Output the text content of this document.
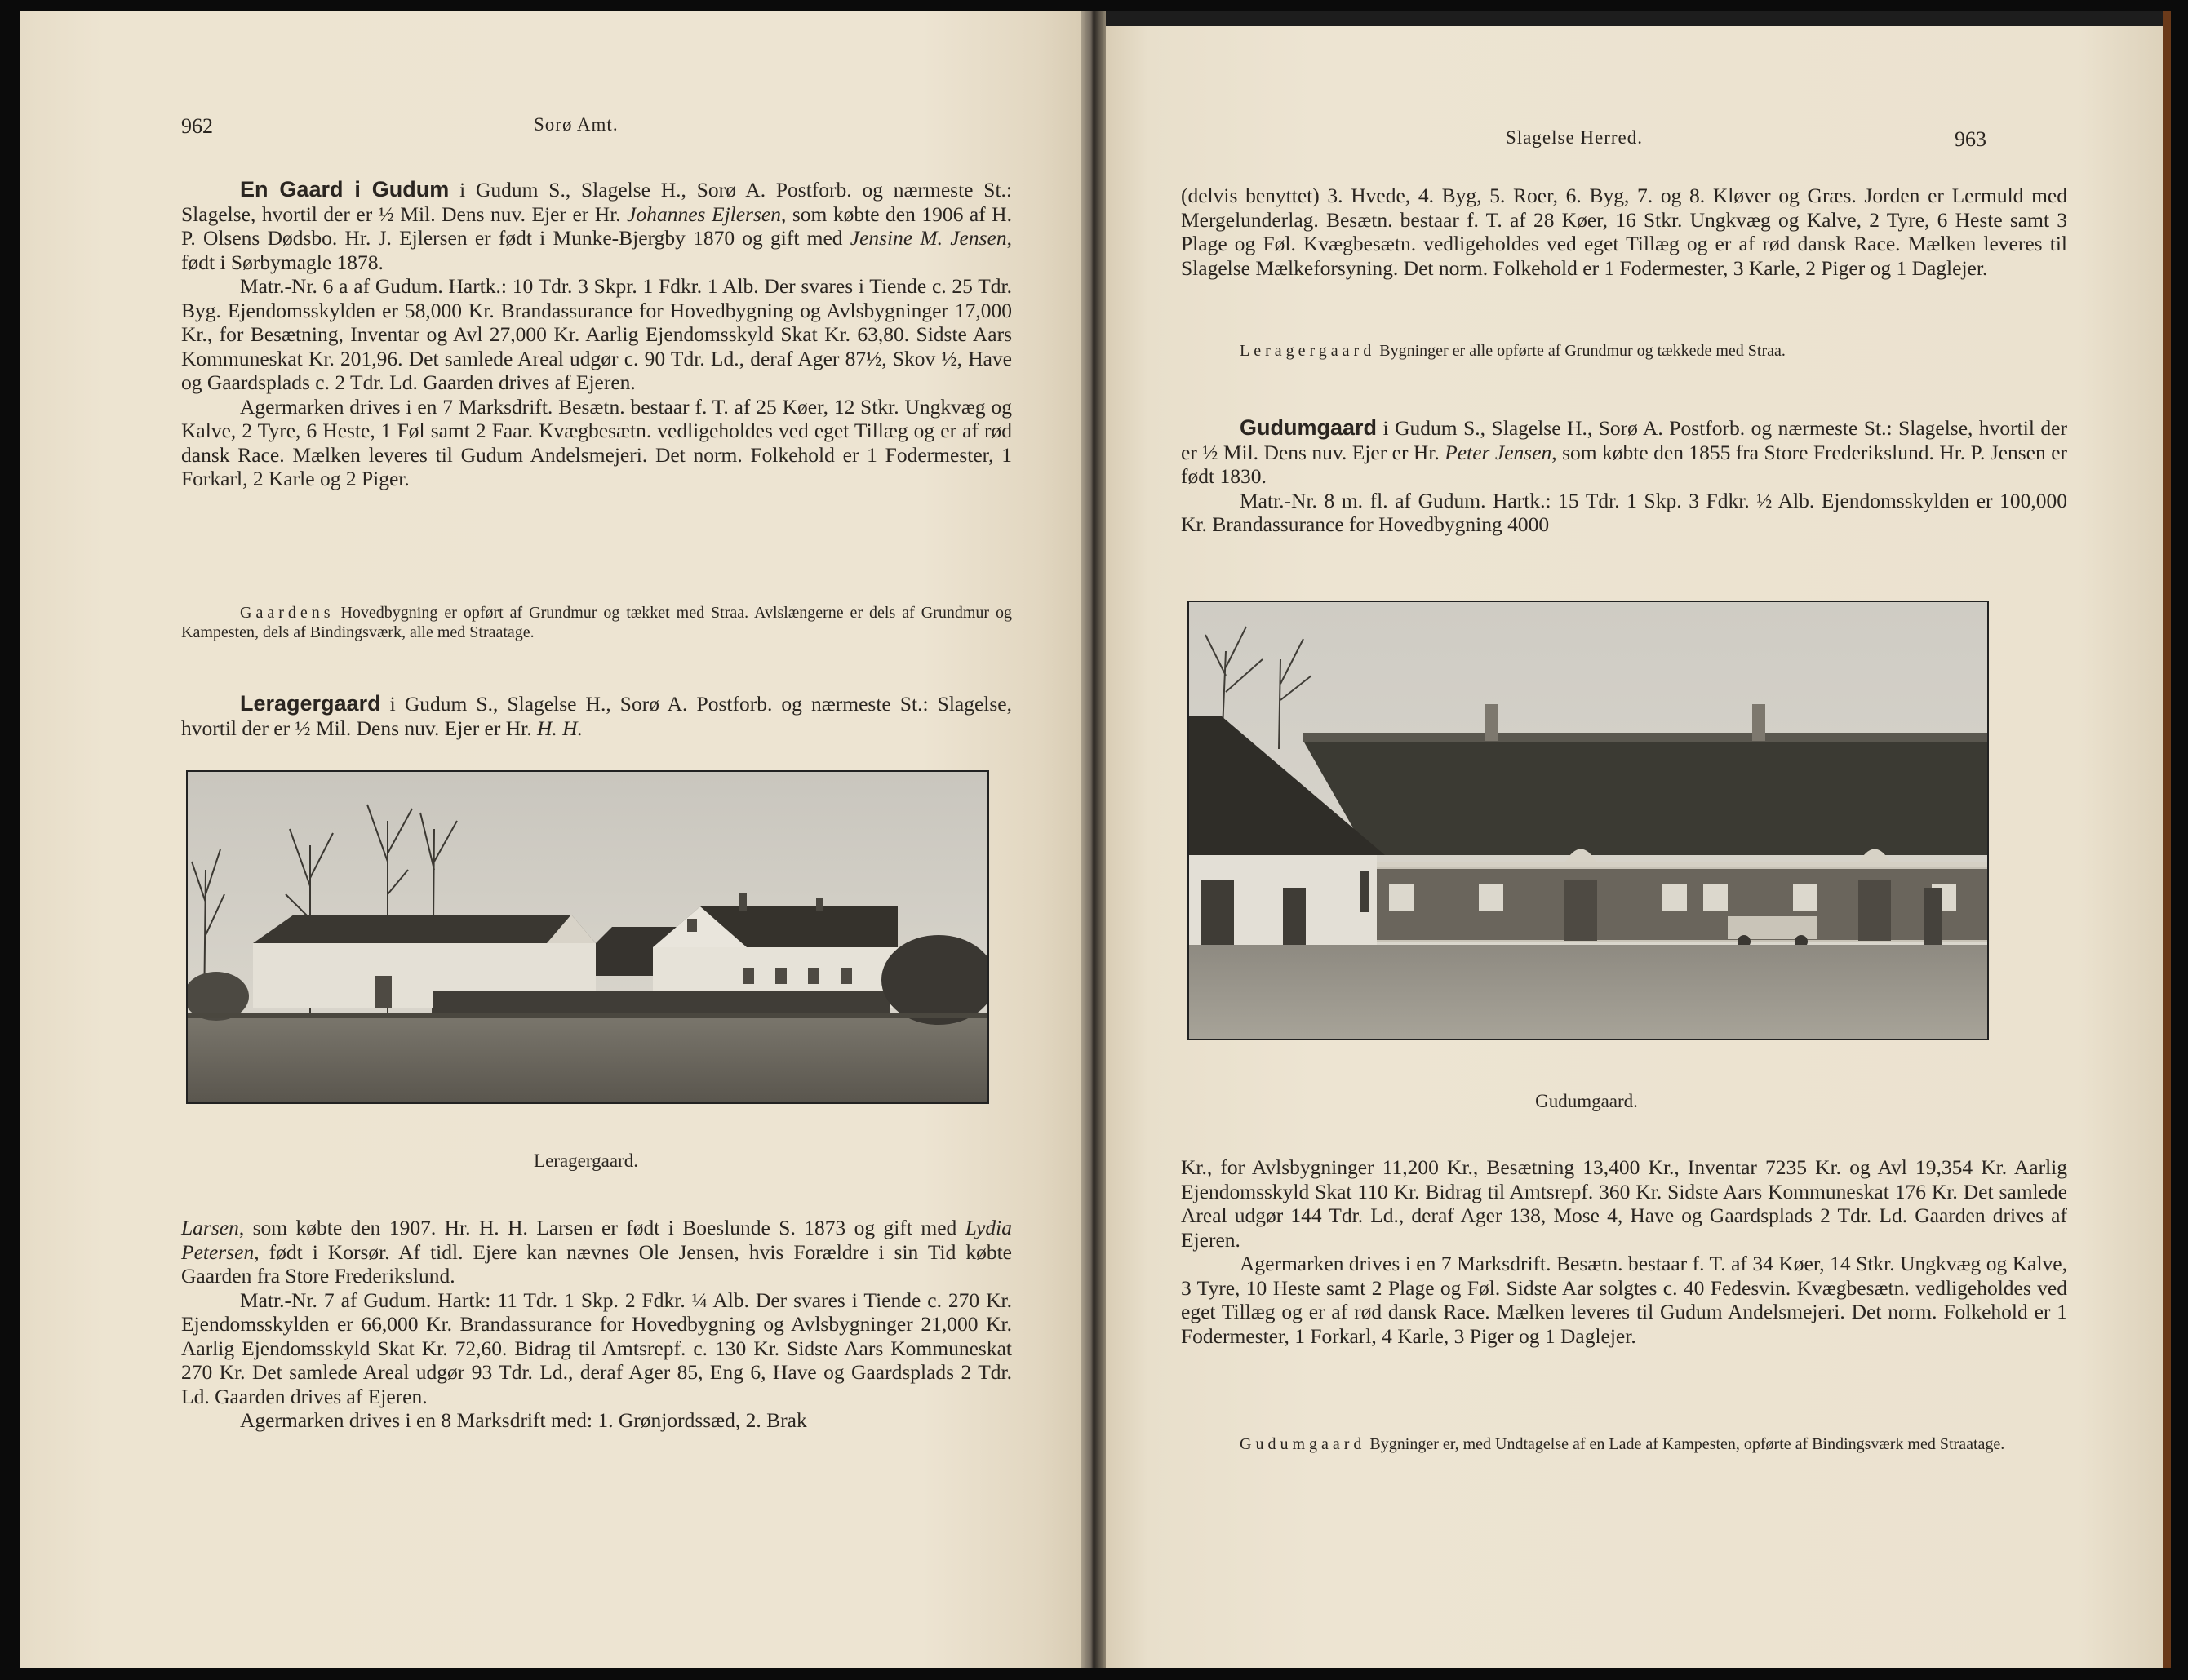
962	Sorø Amt.

En Gaard i Gudum i Gudum S., Slagelse H., Sorø A. Postforb. og nærmeste St.: Slagelse, hvortil der er ½ Mil. Dens nuv. Ejer er Hr. Johannes Ejlersen, som købte den 1906 af H. P. Olsens Dødsbo. Hr. J. Ejlersen er født i Munke-Bjergby 1870 og gift med Jensine M. Jensen, født i Sørbymagle 1878.

Matr.-Nr. 6 a af Gudum. Hartk.: 10 Tdr. 3 Skpr. 1 Fdkr. 1 Alb. Der svares i Tiende c. 25 Tdr. Byg. Ejendomsskylden er 58,000 Kr. Brandassurance for Hovedbygning og Avlsbygninger 17,000 Kr., for Besætning, Inventar og Avl 27,000 Kr. Aarlig Ejendomsskyld Skat Kr. 63,80. Sidste Aars Kommuneskat Kr. 201,96. Det samlede Areal udgør c. 90 Tdr. Ld., deraf Ager 87½, Skov ½, Have og Gaardsplads c. 2 Tdr. Ld. Gaarden drives af Ejeren.

Agermarken drives i en 7 Marksdrift. Besætn. bestaar f. T. af 25 Køer, 12 Stkr. Ungkvæg og Kalve, 2 Tyre, 6 Heste, 1 Føl samt 2 Faar. Kvægbesætn. vedligeholdes ved eget Tillæg og er af rød dansk Race. Mælken leveres til Gudum Andelsmejeri. Det norm. Folkehold er 1 Fodermester, 1 Forkarl, 2 Karle og 2 Piger.

Gaardens Hovedbygning er opført af Grundmur og tækket med Straa. Avlslængerne er dels af Grundmur og Kampesten, dels af Bindingsværk, alle med Straatage.

Leragergaard i Gudum S., Slagelse H., Sorø A. Postforb. og nærmeste St.: Slagelse, hvortil der er ½ Mil. Dens nuv. Ejer er Hr. H. H.

Leragergaard.

Larsen, som købte den 1907. Hr. H. H. Larsen er født i Boeslunde S. 1873 og gift med Lydia Petersen, født i Korsør. Af tidl. Ejere kan nævnes Ole Jensen, hvis Forældre i sin Tid købte Gaarden fra Store Frederikslund.

Matr.-Nr. 7 af Gudum. Hartk: 11 Tdr. 1 Skp. 2 Fdkr. ¼ Alb. Der svares i Tiende c. 270 Kr. Ejendomsskylden er 66,000 Kr. Brandassurance for Hovedbygning og Avlsbygninger 21,000 Kr. Aarlig Ejendomsskyld Skat Kr. 72,60. Bidrag til Amtsrepf. c. 130 Kr. Sidste Aars Kommuneskat 270 Kr. Det samlede Areal udgør 93 Tdr. Ld., deraf Ager 85, Eng 6, Have og Gaardsplads 2 Tdr. Ld. Gaarden drives af Ejeren.

Agermarken drives i en 8 Marksdrift med: 1. Grønjordssæd, 2. Brak

Slagelse Herred.	963

(delvis benyttet) 3. Hvede, 4. Byg, 5. Roer, 6. Byg, 7. og 8. Kløver og Græs. Jorden er Lermuld med Mergelunderlag. Besætn. bestaar f. T. af 28 Køer, 16 Stkr. Ungkvæg og Kalve, 2 Tyre, 6 Heste samt 3 Plage og Føl. Kvægbesætn. vedligeholdes ved eget Tillæg og er af rød dansk Race. Mælken leveres til Slagelse Mælkeforsyning. Det norm. Folkehold er 1 Fodermester, 3 Karle, 2 Piger og 1 Daglejer.

Leragergaard Bygninger er alle opførte af Grundmur og tækkede med Straa.

Gudumgaard i Gudum S., Slagelse H., Sorø A. Postforb. og nærmeste St.: Slagelse, hvortil der er ½ Mil. Dens nuv. Ejer er Hr. Peter Jensen, som købte den 1855 fra Store Frederikslund. Hr. P. Jensen er født 1830.

Matr.-Nr. 8 m. fl. af Gudum. Hartk.: 15 Tdr. 1 Skp. 3 Fdkr. ½ Alb. Ejendomsskylden er 100,000 Kr. Brandassurance for Hovedbygning 4000

Gudumgaard.

Kr., for Avlsbygninger 11,200 Kr., Besætning 13,400 Kr., Inventar 7235 Kr. og Avl 19,354 Kr. Aarlig Ejendomsskyld Skat 110 Kr. Bidrag til Amtsrepf. 360 Kr. Sidste Aars Kommuneskat 176 Kr. Det samlede Areal udgør 144 Tdr. Ld., deraf Ager 138, Mose 4, Have og Gaardsplads 2 Tdr. Ld. Gaarden drives af Ejeren.

Agermarken drives i en 7 Marksdrift. Besætn. bestaar f. T. af 34 Køer, 14 Stkr. Ungkvæg og Kalve, 3 Tyre, 10 Heste samt 2 Plage og Føl. Sidste Aar solgtes c. 40 Fedesvin. Kvægbesætn. vedligeholdes ved eget Tillæg og er af rød dansk Race. Mælken leveres til Gudum Andelsmejeri. Det norm. Folkehold er 1 Fodermester, 1 Forkarl, 4 Karle, 3 Piger og 1 Daglejer.

Gudumgaard Bygninger er, med Undtagelse af en Lade af Kampesten, opførte af Bindingsværk med Straatage.
